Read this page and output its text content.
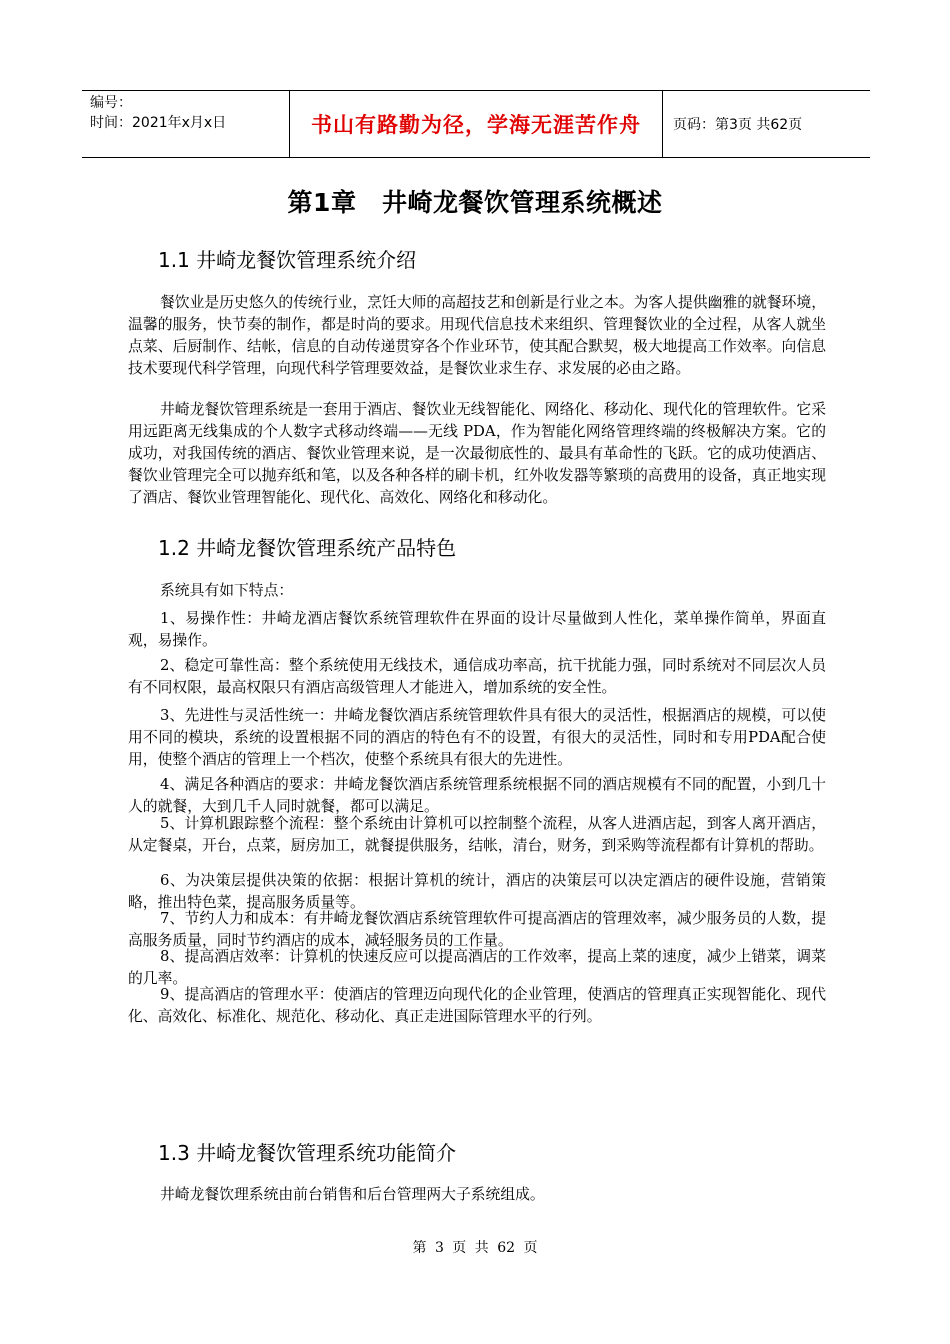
编号：
时间：2021年x月x日	书山有路勤为径，学海无涯苦作舟	页码：第3页 共62页
第1章　井崎龙餐饮管理系统概述
1.1 井崎龙餐饮管理系统介绍

餐饮业是历史悠久的传统行业，烹饪大师的高超技艺和创新是行业之本。为客人提供幽雅的就餐环境，温馨的服务，快节奏的制作，都是时尚的要求。用现代信息技术来组织、管理餐饮业的全过程，从客人就坐点菜、后厨制作、结帐，信息的自动传递贯穿各个作业环节，使其配合默契，极大地提高工作效率。向信息技术要现代科学管理，向现代科学管理要效益，是餐饮业求生存、求发展的必由之路。

井崎龙餐饮管理系统是一套用于酒店、餐饮业无线智能化、网络化、移动化、现代化的管理软件。它采用远距离无线集成的个人数字式移动终端——无线 PDA，作为智能化网络管理终端的终极解决方案。它的成功，对我国传统的酒店、餐饮业管理来说，是一次最彻底性的、最具有革命性的飞跃。它的成功使酒店、餐饮业管理完全可以抛弃纸和笔，以及各种各样的刷卡机，红外收发器等繁琐的高费用的设备，真正地实现了酒店、餐饮业管理智能化、现代化、高效化、网络化和移动化。

1.2 井崎龙餐饮管理系统产品特色

系统具有如下特点：

1、易操作性：井崎龙酒店餐饮系统管理软件在界面的设计尽量做到人性化，菜单操作简单，界面直观，易操作。

2、稳定可靠性高：整个系统使用无线技术，通信成功率高，抗干扰能力强，同时系统对不同层次人员有不同权限，最高权限只有酒店高级管理人才能进入，增加系统的安全性。

3、先进性与灵活性统一：井崎龙餐饮酒店系统管理软件具有很大的灵活性，根据酒店的规模，可以使用不同的模块，系统的设置根据不同的酒店的特色有不的设置，有很大的灵活性，同时和专用PDA配合使用，使整个酒店的管理上一个档次，使整个系统具有很大的先进性。

4、满足各种酒店的要求：井崎龙餐饮酒店系统管理系统根据不同的酒店规模有不同的配置，小到几十人的就餐，大到几千人同时就餐，都可以满足。

5、计算机跟踪整个流程：整个系统由计算机可以控制整个流程，从客人进酒店起，到客人离开酒店，从定餐桌，开台，点菜，厨房加工，就餐提供服务，结帐，清台，财务，到采购等流程都有计算机的帮助。

6、为决策层提供决策的依据：根据计算机的统计，酒店的决策层可以决定酒店的硬件设施，营销策略，推出特色菜，提高服务质量等。

7、节约人力和成本：有井崎龙餐饮酒店系统管理软件可提高酒店的管理效率，减少服务员的人数，提高服务质量，同时节约酒店的成本，减轻服务员的工作量。

8、提高酒店效率：计算机的快速反应可以提高酒店的工作效率，提高上菜的速度，减少上错菜，调菜的几率。

9、提高酒店的管理水平：使酒店的管理迈向现代化的企业管理，使酒店的管理真正实现智能化、现代化、高效化、标准化、规范化、移动化、真正走进国际管理水平的行列。

1.3 井崎龙餐饮管理系统功能简介

井崎龙餐饮理系统由前台销售和后台管理两大子系统组成。

第 3 页 共 62 页
